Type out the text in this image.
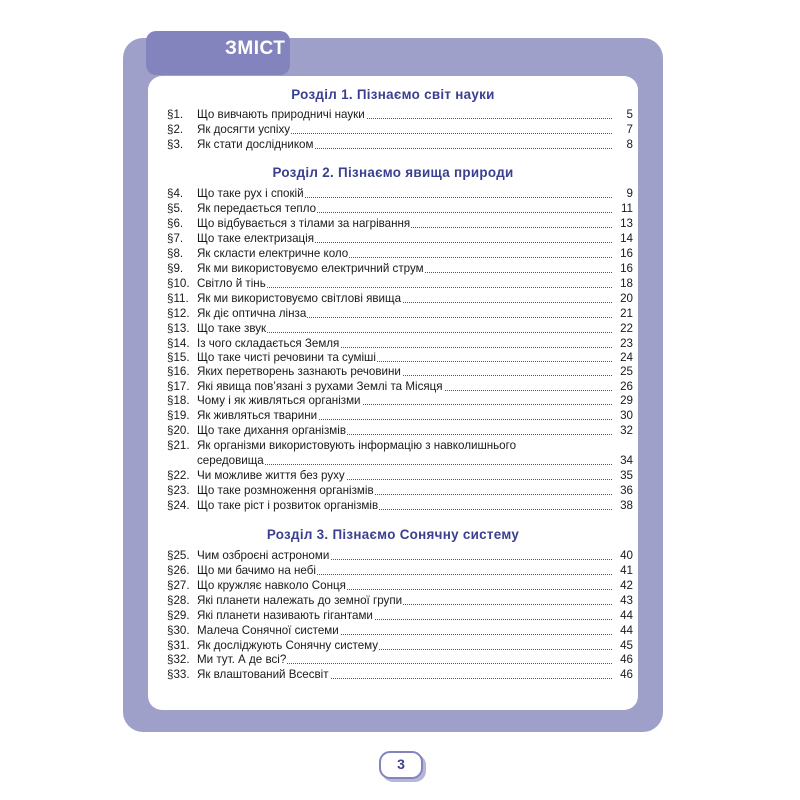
ЗМІСТ
Розділ 1. Пізнаємо світ науки
Розділ 2. Пізнаємо явища природи
Розділ 3. Пізнаємо Сонячну систему
§1. Що вивчають природничі науки	5
§2. Як досягти успіху	7
§3. Як стати дослідником	8
§4. Що таке рух і спокій	9
§5. Як передається тепло	11
§6. Що відбувається з тілами за нагрівання	13
§7. Що таке електризація	14
§8. Як скласти електричне коло	16
§9. Як ми використовуємо електричний струм	16
§10. Світло й тінь	18
§11. Як ми використовуємо світлові явища	20
§12. Як діє оптична лінза	21
§13. Що таке звук	22
§14. Із чого складається Земля	23
§15. Що таке чисті речовини та суміші	24
§16. Яких перетворень зазнають речовини	25
§17. Які явища пов’язані з рухами Землі та Місяця	26
§18. Чому і як живляться організми	29
§19. Як живляться тварини	30
§20. Що таке дихання організмів	32
§21. Як організми використовують інформацію з навколишнього
середовища	34
§22. Чи можливе життя без руху	35
§23. Що таке розмноження організмів	36
§24. Що таке ріст і розвиток організмів	38
§25. Чим озброєні астрономи	40
§26. Що ми бачимо на небі	41
§27. Що кружляє навколо Сонця	42
§28. Які планети належать до земної групи	43
§29. Які планети називають гігантами	44
§30. Малеча Сонячної системи	44
§31. Як досліджують Сонячну систему	45
§32. Ми тут. А де всі?	46
§33. Як влаштований Всесвіт	46
3
